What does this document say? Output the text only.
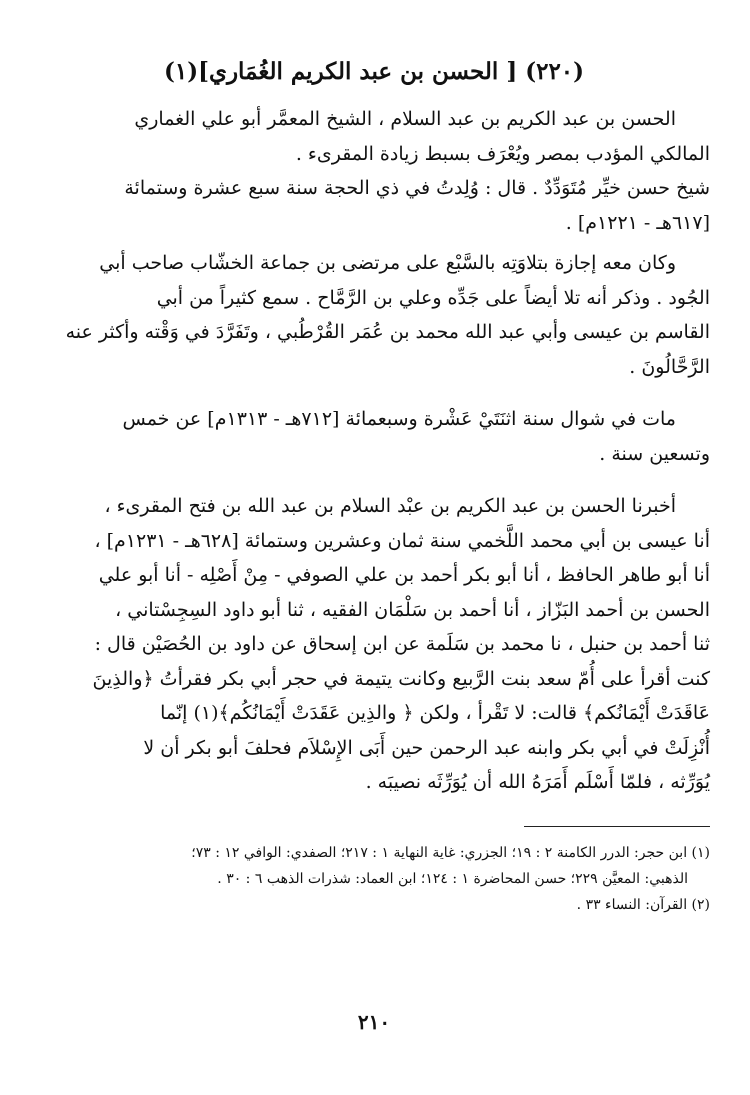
(٢٢٠) [ الحسن بن عبد الكريم الغُمَاري](١)
الحسن بن عبد الكريم بن عبد السلام ، الشيخ المعمَّر أبو علي الغماري
المالكي المؤدب بمصر ويُعْرَف بسبط زيادة المقرىء .
شيخ حسن خيِّر مُتَوَدِّدٌ . قال : وُلِدتُ في ذي الحجة سنة سبع عشرة وستمائة
[٦١٧هـ - ١٢٢١م] .
وكان معه إجازة بتلاوَتِه بالسَّبْع على مرتضى بن جماعة الخشّاب صاحب أبي
الجُود . وذكر أنه تلا أيضاً على جَدِّه وعلي بن الرَّمَّاح . سمع كثيراً من أبي
القاسم بن عيسى وأبي عبد الله محمد بن عُمَر القُرْطُبي ، وتَفَرَّدَ في وَقْته وأكثر عنه
الرَّحَّالُونَ .
مات في شوال سنة اثنَتَيْ عَشْرة وسبعمائة [٧١٢هـ - ١٣١٣م] عن خمس
وتسعين سنة .
أخبرنا الحسن بن عبد الكريم بن عبْد السلام بن عبد الله بن فتح المقرىء ،
أنا عيسى بن أبي محمد اللَّخمي سنة ثمان وعشرين وستمائة [٦٢٨هـ - ١٢٣١م] ،
أنا أبو طاهر الحافظ ، أنا أبو بكر أحمد بن علي الصوفي - مِنْ أَصْلِه - أنا أبو علي
الحسن بن أحمد البَزّاز ، أنا أحمد بن سَلْمَان الفقيه ، ثنا أبو داود السِجِسْتاني ،
ثنا أحمد بن حنبل ، نا محمد بن سَلَمة عن ابن إسحاق عن داود بن الحُصَيْن قال :
كنت أقرأ على أُمّ سعد بنت الرَّبيع وكانت يتيمة في حجر أبي بكر فقرأتُ ﴿والذِينَ
عَاقَدَتْ أَيْمَانُكم﴾ قالت: لا تَقْرأ ، ولكن ﴿ والذِين عَقَدَتْ أَيْمَانُكُم﴾(١) إنّما
أُنْزِلَتْ في أبي بكر وابنه عبد الرحمن حين أَبَى الإِسْلاَم فحلفَ أبو بكر أن لا
يُوَرِّثه ، فلمّا أَسْلَم أَمَرَهُ الله أن يُوَرِّثَه نصيبَه .
(١) ابن حجر: الدرر الكامنة ٢ : ١٩؛ الجزري: غاية النهاية ١ : ٢١٧؛ الصفدي: الوافي ١٢ : ٧٣؛
الذهبي: المعيَّن ٢٢٩؛ حسن المحاضرة ١ : ١٢٤؛ ابن العماد: شذرات الذهب ٦ : ٣٠ .
(٢) القرآن: النساء ٣٣ .
٢١٠
